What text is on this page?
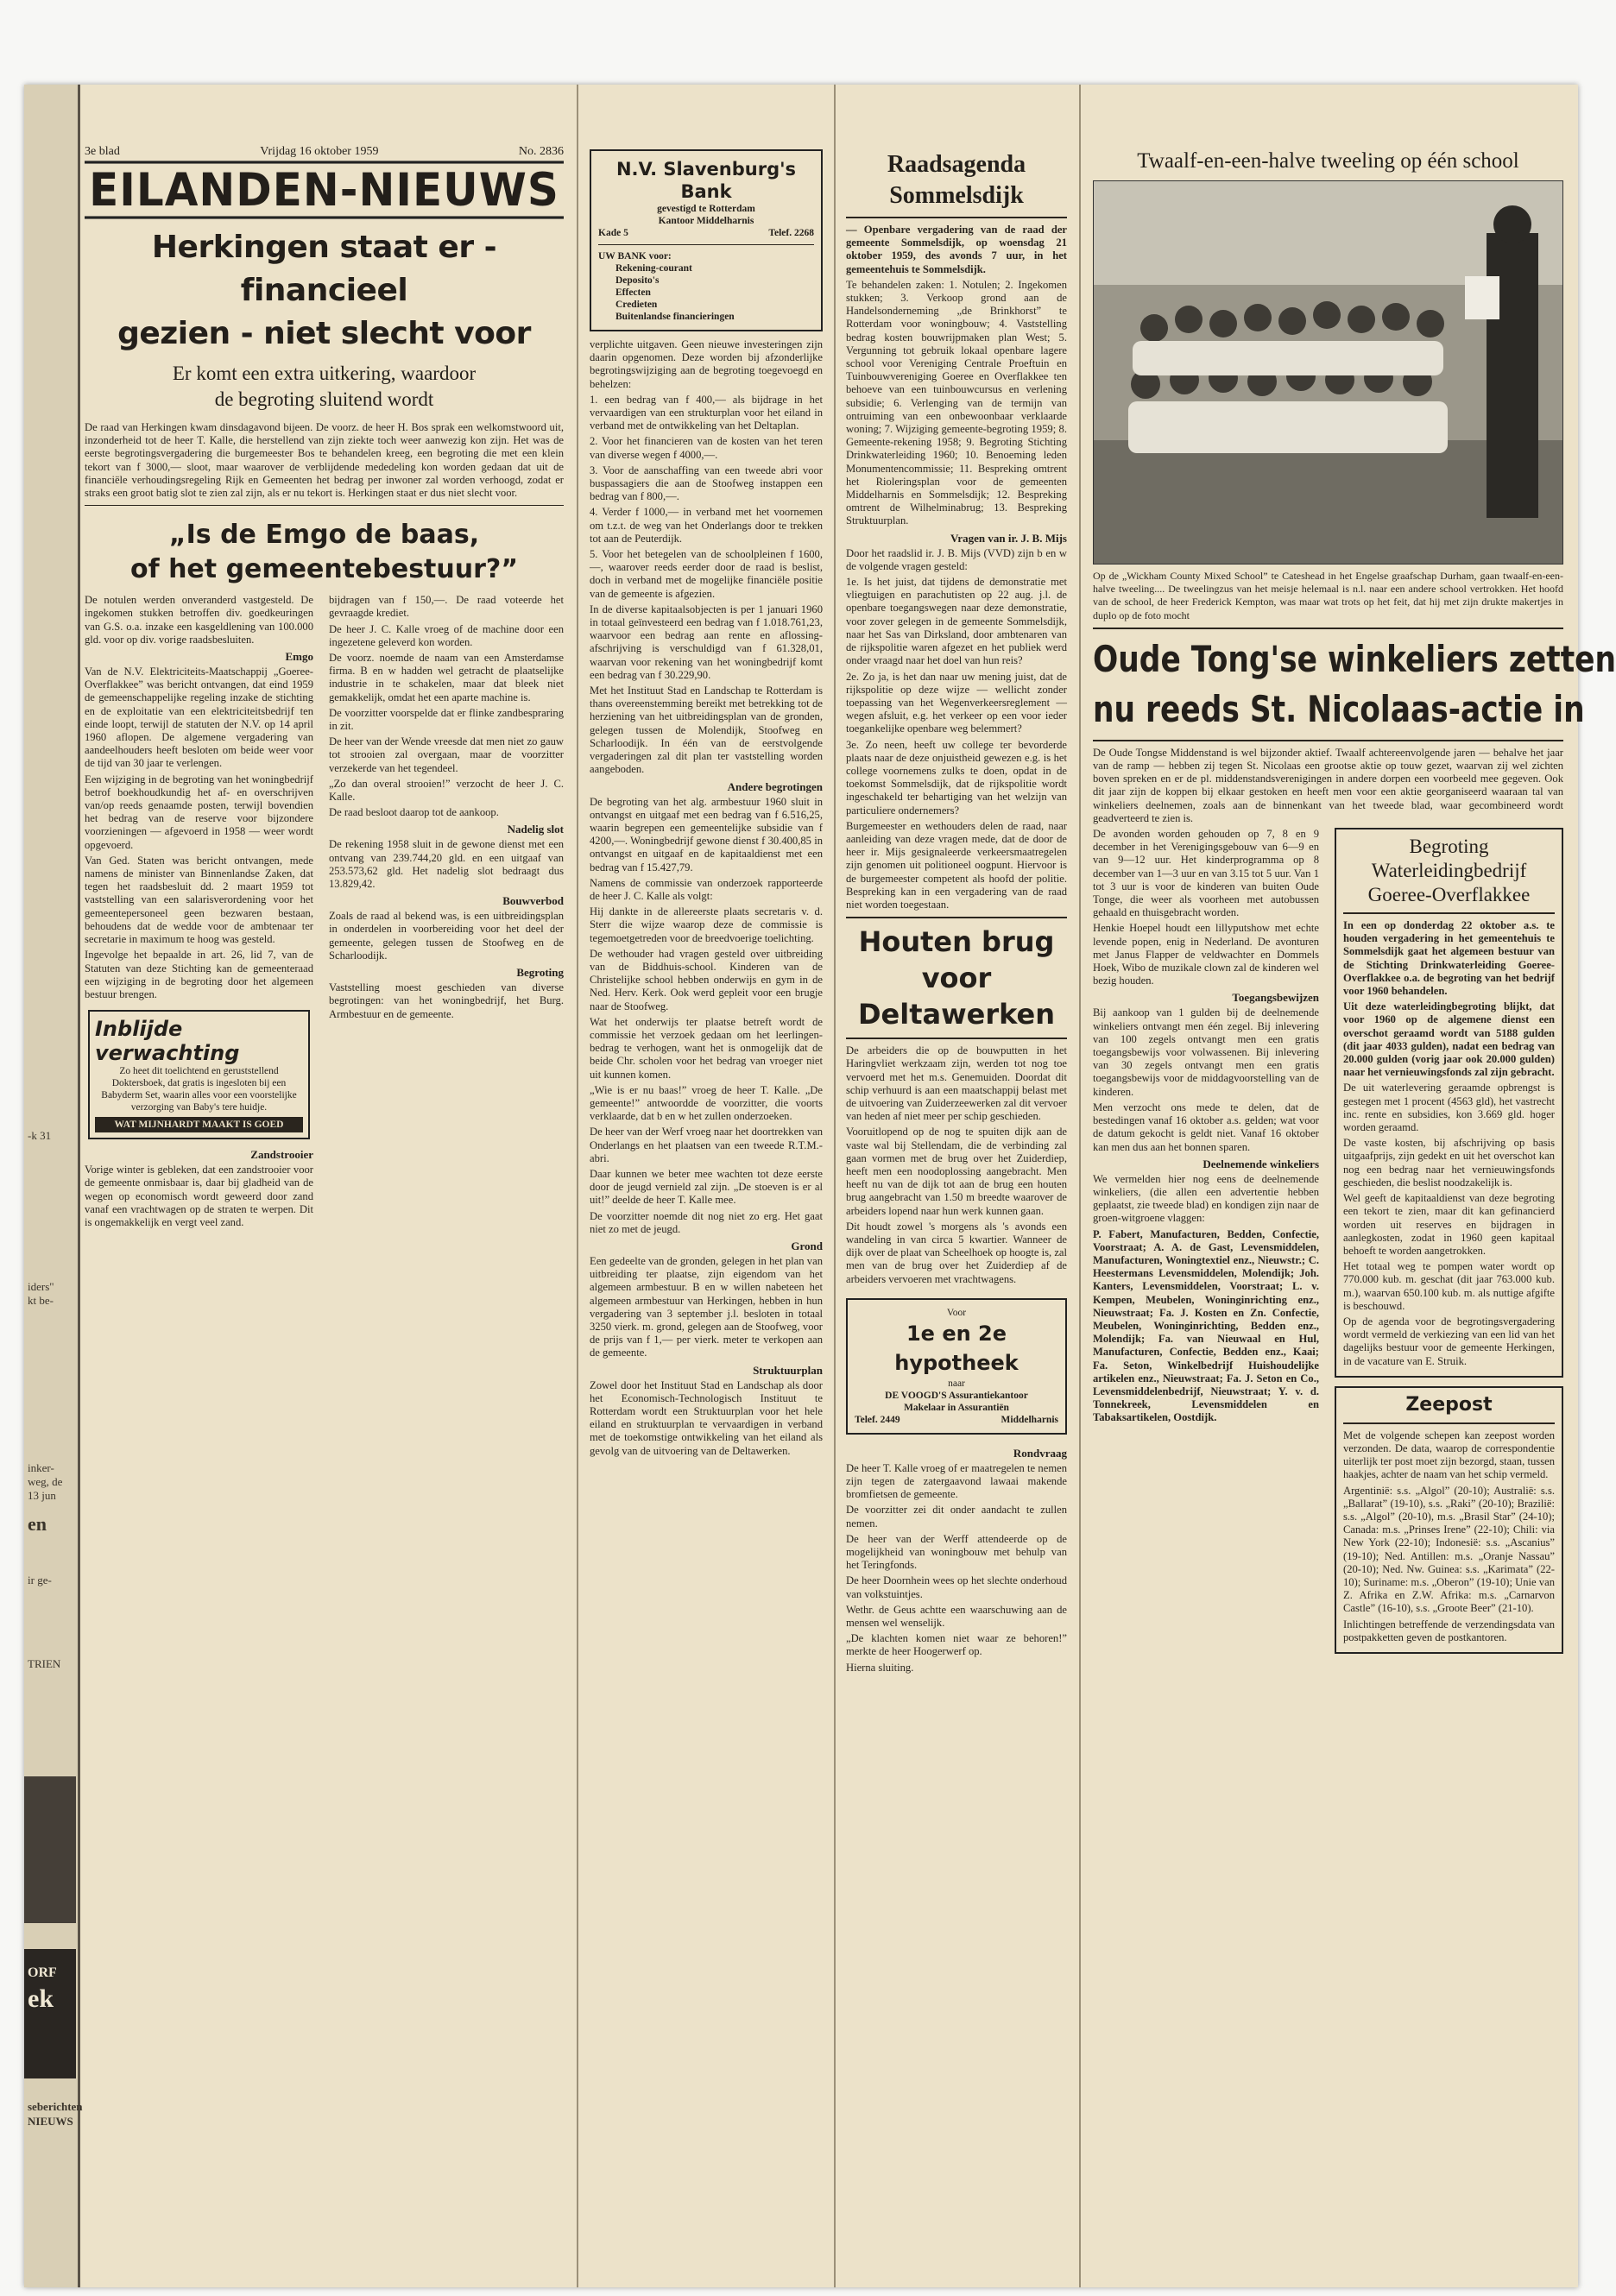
-k 31
iders"
kt be-
inker-
weg, de
13 jun
en
ir ge-
TRIEN
ORF
ek
seberichten
NIEUWS
3e blad	Vrijdag 16 oktober 1959	No. 2836
EILANDEN-NIEUWS
Herkingen staat er - financieel
gezien - niet slecht voor
Er komt een extra uitkering, waardoor
de begroting sluitend wordt

De raad van Herkingen kwam dinsdagavond bijeen. De voorz. de heer H. Bos sprak een welkomstwoord uit, inzonderheid tot de heer T. Kalle, die herstellend van zijn ziekte toch weer aanwezig kon zijn. Het was de eerste begrotingsvergadering die burgemeester Bos te behandelen kreeg, een begroting die met een klein tekort van f 3000,— sloot, maar waarover de verblijdende mededeling kon worden gedaan dat uit de financiële verhoudingsregeling Rijk en Gemeenten het bedrag per inwoner zal worden verhoogd, zodat er straks een groot batig slot te zien zal zijn, als er nu tekort is. Herkingen staat er dus niet slecht voor.

„Is de Emgo de baas,
of het gemeentebestuur?”

De notulen werden onveranderd vastgesteld. De ingekomen stukken betroffen div. goedkeuringen van G.S. o.a. inzake een kasgeldlening van 100.000 gld. voor op div. vorige raadsbesluiten.

Emgo

Van de N.V. Elektriciteits-Maatschappij „Goeree-Overflakkee” was bericht ontvangen, dat eind 1959 de gemeenschappelijke regeling inzake de stichting en de exploitatie van een elektriciteitsbedrijf ten einde loopt, terwijl de statuten der N.V. op 14 april 1960 aflopen. De algemene vergadering van aandeelhouders heeft besloten om beide weer voor de tijd van 30 jaar te verlengen.

Een wijziging in de begroting van het woningbedrijf betrof boekhoudkundig het af- en overschrijven van/op reeds genaamde posten, terwijl bovendien het bedrag van de reserve voor bijzondere voorzieningen — afgevoerd in 1958 — weer wordt opgevoerd.

Van Ged. Staten was bericht ontvangen, mede namens de minister van Binnenlandse Zaken, dat tegen het raadsbesluit dd. 2 maart 1959 tot vaststelling van een salarisverordening voor het gemeentepersoneel geen bezwaren bestaan, behoudens dat de wedde voor de ambtenaar ter secretarie in maximum te hoog was gesteld.

Ingevolge het bepaalde in art. 26, lid 7, van de Statuten van deze Stichting kan de gemeenteraad een wijziging in de begroting door het algemeen bestuur brengen.

Inblijde verwachting
Zo heet dit toelichtend en geruststellend Doktersboek, dat gratis is ingesloten bij een Babyderm Set, waarin alles voor een voorstelijke verzorging van Baby's tere huidje.
WAT MIJNHARDT MAAKT IS GOED
Zandstrooier

Vorige winter is gebleken, dat een zandstrooier voor de gemeente onmisbaar is, daar bij gladheid van de wegen op economisch wordt geweerd door zand vanaf een vrachtwagen op de straten te werpen. Dit is ongemakkelijk en vergt veel zand.

bijdragen van f 150,—. De raad voteerde het gevraagde krediet.

De heer J. C. Kalle vroeg of de machine door een ingezetene geleverd kon worden.

De voorz. noemde de naam van een Amsterdamse firma. B en w hadden wel getracht de plaatselijke industrie in te schakelen, maar dat bleek niet gemakkelijk, omdat het een aparte machine is.

De voorzitter voorspelde dat er flinke zandbespraring in zit.

De heer van der Wende vreesde dat men niet zo gauw tot strooien zal overgaan, maar de voorzitter verzekerde van het tegendeel.

„Zo dan overal strooien!” verzocht de heer J. C. Kalle.

De raad besloot daarop tot de aankoop.

Nadelig slot

De rekening 1958 sluit in de gewone dienst met een ontvang van 239.744,20 gld. en een uitgaaf van 253.573,62 gld. Het nadelig slot bedraagt dus 13.829,42.

Bouwverbod

Zoals de raad al bekend was, is een uitbreidingsplan in onderdelen in voorbereiding voor het deel der gemeente, gelegen tussen de Stoofweg en de Scharloodijk.

Begroting

Vaststelling moest geschieden van diverse begrotingen: van het woningbedrijf, het Burg. Armbestuur en de gemeente.

N.V. Slavenburg's
Bank
gevestigd te Rotterdam
Kantoor Middelharnis
Kade 5	Telef. 2268
UW BANK voor:
Rekening-courant
Deposito's
Effecten
Credieten
Buitenlandse financieringen

verplichte uitgaven. Geen nieuwe investeringen zijn daarin opgenomen. Deze worden bij afzonderlijke begrotingswijziging aan de begroting toegevoegd en behelzen:

1. een bedrag van f 400,— als bijdrage in het vervaardigen van een strukturplan voor het eiland in verband met de ontwikkeling van het Deltaplan.

2. Voor het financieren van de kosten van het teren van diverse wegen f 4000,—.

3. Voor de aanschaffing van een tweede abri voor buspassagiers die aan de Stoofweg instappen een bedrag van f 800,—.

4. Verder f 1000,— in verband met het voornemen om t.z.t. de weg van het Onderlangs door te trekken tot aan de Peuterdijk.

5. Voor het betegelen van de schoolpleinen f 1600,—, waarover reeds eerder door de raad is beslist, doch in verband met de mogelijke financiële positie van de gemeente is afgezien.

In de diverse kapitaalsobjecten is per 1 januari 1960 in totaal geïnvesteerd een bedrag van f 1.018.761,23, waarvoor een bedrag aan rente en aflossing-afschrijving is verschuldigd van f 61.328,01, waarvan voor rekening van het woningbedrijf komt een bedrag van f 30.229,90.

Met het Instituut Stad en Landschap te Rotterdam is thans overeenstemming bereikt met betrekking tot de herziening van het uitbreidingsplan van de gronden, gelegen tussen de Molendijk, Stoofweg en Scharloodijk. In één van de eerstvolgende vergaderingen zal dit plan ter vaststelling worden aangeboden.

Andere begrotingen

De begroting van het alg. armbestuur 1960 sluit in ontvangst en uitgaaf met een bedrag van f 6.516,25, waarin begrepen een gemeentelijke subsidie van f 4200,—. Woningbedrijf gewone dienst f 30.400,85 in ontvangst en uitgaaf en de kapitaaldienst met een bedrag van f 15.427,79.

Namens de commissie van onderzoek rapporteerde de heer J. C. Kalle als volgt:

Hij dankte in de allereerste plaats secretaris v. d. Sterr die wijze waarop deze de commissie is tegemoetgetreden voor de breedvoerige toelichting.

De wethouder had vragen gesteld over uitbreiding van de Biddhuis-school. Kinderen van de Christelijke school hebben onderwijs en gym in de Ned. Herv. Kerk. Ook werd gepleit voor een brugje naar de Stoofweg.

Wat het onderwijs ter plaatse betreft wordt de commissie het verzoek gedaan om het leerlingen-bedrag te verhogen, want het is onmogelijk dat de beide Chr. scholen voor het bedrag van vroeger niet uit kunnen komen.

„Wie is er nu baas!” vroeg de heer T. Kalle. „De gemeente!” antwoordde de voorzitter, die voorts verklaarde, dat b en w het zullen onderzoeken.

De heer van der Werf vroeg naar het doortrekken van Onderlangs en het plaatsen van een tweede R.T.M.-abri.

Daar kunnen we beter mee wachten tot deze eerste door de jeugd vernield zal zijn. „De stoeven is er al uit!” deelde de heer T. Kalle mee.

De voorzitter noemde dit nog niet zo erg. Het gaat niet zo met de jeugd.

Grond

Een gedeelte van de gronden, gelegen in het plan van uitbreiding ter plaatse, zijn eigendom van het algemeen armbestuur. B en w willen nabeteen het algemeen armbestuur van Herkingen, hebben in hun vergadering van 3 september j.l. besloten in totaal 3250 vierk. m. grond, gelegen aan de Stoofweg, voor de prijs van f 1,— per vierk. meter te verkopen aan de gemeente.

Struktuurplan

Zowel door het Instituut Stad en Landschap als door het Economisch-Technologisch Instituut te Rotterdam wordt een Struktuurplan voor het hele eiland en struktuurplan te vervaardigen in verband met de toekomstige ontwikkeling van het eiland als gevolg van de uitvoering van de Deltawerken.

Raadsagenda
Sommelsdijk

— Openbare vergadering van de raad der gemeente Sommelsdijk, op woensdag 21 oktober 1959, des avonds 7 uur, in het gemeentehuis te Sommelsdijk.

Te behandelen zaken: 1. Notulen; 2. Ingekomen stukken; 3. Verkoop grond aan de Handelsonderneming „de Brinkhorst” te Rotterdam voor woningbouw; 4. Vaststelling bedrag kosten bouwrijpmaken plan West; 5. Vergunning tot gebruik lokaal openbare lagere school voor Vereniging Centrale Proeftuin en Tuinbouwvereniging Goeree en Overflakkee ten behoeve van een tuinbouwcursus en verlening subsidie; 6. Verlenging van de termijn van ontruiming van een onbewoonbaar verklaarde woning; 7. Wijziging gemeente-begroting 1959; 8. Gemeente-rekening 1958; 9. Begroting Stichting Drinkwaterleiding 1960; 10. Benoeming leden Monumentencommissie; 11. Bespreking omtrent het Rioleringsplan voor de gemeenten Middelharnis en Sommelsdijk; 12. Bespreking omtrent de Wilhelminabrug; 13. Bespreking Struktuurplan.

Vragen van ir. J. B. Mijs

Door het raadslid ir. J. B. Mijs (VVD) zijn b en w de volgende vragen gesteld:

1e. Is het juist, dat tijdens de demonstratie met vliegtuigen en parachutisten op 22 aug. j.l. de openbare toegangswegen naar deze demonstratie, voor zover gelegen in de gemeente Sommelsdijk, naar het Sas van Dirksland, door ambtenaren van de rijkspolitie waren afgezet en het publiek werd onder vraagd naar het doel van hun reis?

2e. Zo ja, is het dan naar uw mening juist, dat de rijkspolitie op deze wijze — wellicht zonder toepassing van het Wegenverkeersreglement — wegen afsluit, e.g. het verkeer op een voor ieder toegankelijke openbare weg belemmert?

3e. Zo neen, heeft uw college ter bevorderde plaats naar de deze onjuistheid gewezen e.g. is het college voornemens zulks te doen, opdat in de toekomst Sommelsdijk, dat de rijkspolitie wordt ingeschakeld ter behartiging van het welzijn van particuliere ondernemers?

Burgemeester en wethouders delen de raad, naar aanleiding van deze vragen mede, dat de door de heer ir. Mijs gesignaleerde verkeersmaatregelen zijn genomen uit politioneel oogpunt. Hiervoor is de burgemeester competent als hoofd der politie. Bespreking kan in een vergadering van de raad niet worden toegestaan.

Houten brug
voor
Deltawerken

De arbeiders die op de bouwputten in het Haringvliet werkzaam zijn, werden tot nog toe vervoerd met het m.s. Genemuiden. Doordat dit schip verhuurd is aan een maatschappij belast met de uitvoering van Zuiderzeewerken zal dit vervoer van heden af niet meer per schip geschieden.

Vooruitlopend op de nog te spuiten dijk aan de vaste wal bij Stellendam, die de verbinding zal gaan vormen met de brug over het Zuiderdiep, heeft men een noodoplossing aangebracht. Men heeft nu van de dijk tot aan de brug een houten brug aangebracht van 1.50 m breedte waarover de arbeiders lopend naar hun werk kunnen gaan.

Dit houdt zowel 's morgens als 's avonds een wandeling in van circa 5 kwartier. Wanneer de dijk over de plaat van Scheelhoek op hoogte is, zal men van de brug over het Zuiderdiep af de arbeiders vervoeren met vrachtwagens.

Voor
1e en 2e hypotheek
naar
DE VOOGD'S Assurantiekantoor
Makelaar in Assurantiën
Telef. 2449	Middelharnis
Rondvraag

De heer T. Kalle vroeg of er maatregelen te nemen zijn tegen de zatergaavond lawaai makende bromfietsen de gemeente.

De voorzitter zei dit onder aandacht te zullen nemen.

De heer van der Werff attendeerde op de mogelijkheid van woningbouw met behulp van het Teringfonds.

De heer Doornhein wees op het slechte onderhoud van volkstuintjes.

Wethr. de Geus achtte een waarschuwing aan de mensen wel wenselijk.

„De klachten komen niet waar ze behoren!” merkte de heer Hoogerwerf op.

Hierna sluiting.

Twaalf-en-een-halve tweeling op één school

Op de „Wickham County Mixed School” te Cateshead in het Engelse graafschap Durham, gaan twaalf-en-een-halve tweeling.... De tweelingzus van het meisje helemaal is n.l. naar een andere school vertrokken. Het hoofd van de school, de heer Frederick Kempton, was maar wat trots op het feit, dat hij met zijn drukte makertjes in duplo op de foto mocht

Oude Tong'se winkeliers zetten
nu reeds St. Nicolaas-actie in

De Oude Tongse Middenstand is wel bijzonder aktief. Twaalf achtereenvolgende jaren — behalve het jaar van de ramp — hebben zij tegen St. Nicolaas een grootse aktie op touw gezet, waarvan zij wel zichten boven spreken en er de pl. middenstandsverenigingen in andere dorpen een voorbeeld mee gegeven. Ook dit jaar zijn de koppen bij elkaar gestoken en heeft men voor een aktie georganiseerd waaraan tal van winkeliers deelnemen, zoals aan de binnenkant van het tweede blad, waar gecombineerd wordt geadverteerd te zien is.

De avonden worden gehouden op 7, 8 en 9 december in het Verenigingsgebouw van 6—9 en van 9—12 uur. Het kinderprogramma op 8 december van 1—3 uur en van 3.15 tot 5 uur. Van 1 tot 3 uur is voor de kinderen van buiten Oude Tonge, die weer als voorheen met autobussen gehaald en thuisgebracht worden.

Henkie Hoepel houdt een lillyputshow met echte levende popen, enig in Nederland. De avonturen met Janus Flapper de veldwachter en Dommels Hoek, Wibo de muzikale clown zal de kinderen wel bezig houden.

Toegangsbewijzen

Bij aankoop van 1 gulden bij de deelnemende winkeliers ontvangt men één zegel. Bij inlevering van 100 zegels ontvangt men een gratis toegangsbewijs voor volwassenen. Bij inlevering van 30 zegels ontvangt men een gratis toegangsbewijs voor de middagvoorstelling van de kinderen.

Men verzocht ons mede te delen, dat de bestedingen vanaf 16 oktober a.s. gelden; wat voor de datum gekocht is geldt niet. Vanaf 16 oktober kan men dus aan het bonnen sparen.

Deelnemende winkeliers

We vermelden hier nog eens de deelnemende winkeliers, (die allen een advertentie hebben geplaatst, zie tweede blad) en kondigen zijn naar de groen-witgroene vlaggen:

P. Fabert, Manufacturen, Bedden, Confectie, Voorstraat; A. A. de Gast, Levensmiddelen, Manufacturen, Woningtextiel enz., Nieuwstr.; C. Heestermans Levensmiddelen, Molendijk; Joh. Kanters, Levensmiddelen, Voorstraat; L. v. Kempen, Meubelen, Woninginrichting enz., Nieuwstraat; Fa. J. Kosten en Zn. Confectie, Meubelen, Woninginrichting, Bedden enz., Molendijk; Fa. van Nieuwaal en Hul, Manufacturen, Confectie, Bedden enz., Kaai; Fa. Seton, Winkelbedrijf Huishoudelijke artikelen enz., Nieuwstraat; Fa. J. Seton en Co., Levensmiddelenbedrijf, Nieuwstraat; Y. v. d. Tonnekreek, Levensmiddelen en Tabaksartikelen, Oostdijk.

Begroting
Waterleidingbedrijf
Goeree-Overflakkee

In een op donderdag 22 oktober a.s. te houden vergadering in het gemeentehuis te Sommelsdijk gaat het algemeen bestuur van de Stichting Drinkwaterleiding Goeree-Overflakkee o.a. de begroting van het bedrijf voor 1960 behandelen.

Uit deze waterleidingbegroting blijkt, dat voor 1960 op de algemene dienst een overschot geraamd wordt van 5188 gulden (dit jaar 4033 gulden), nadat een bedrag van 20.000 gulden (vorig jaar ook 20.000 gulden) naar het vernieuwingsfonds zal zijn gebracht.

De uit waterlevering geraamde opbrengst is gestegen met 1 procent (4563 gld), het vastrecht inc. rente en subsidies, kon 3.669 gld. hoger worden geraamd.

De vaste kosten, bij afschrijving op basis uitgaafprijs, zijn gedekt en uit het overschot kan nog een bedrag naar het vernieuwingsfonds geschieden, die beslist noodzakelijk is.

Wel geeft de kapitaaldienst van deze begroting een tekort te zien, maar dit kan gefinancierd worden uit reserves en bijdragen in aanlegkosten, zodat in 1960 geen kapitaal behoeft te worden aangetrokken.

Het totaal weg te pompen water wordt op 770.000 kub. m. geschat (dit jaar 763.000 kub. m.), waarvan 650.100 kub. m. als nuttige afgifte is beschouwd.

Op de agenda voor de begrotingsvergadering wordt vermeld de verkiezing van een lid van het dagelijks bestuur voor de gemeente Herkingen, in de vacature van E. Struik.

Zeepost

Met de volgende schepen kan zeepost worden verzonden. De data, waarop de correspondentie uiterlijk ter post moet zijn bezorgd, staan, tussen haakjes, achter de naam van het schip vermeld.

Argentinië: s.s. „Algol” (20-10); Australië: s.s. „Ballarat” (19-10), s.s. „Raki” (20-10); Brazilië: s.s. „Algol” (20-10), m.s. „Brasil Star” (24-10); Canada: m.s. „Prinses Irene” (22-10); Chili: via New York (22-10); Indonesië: s.s. „Ascanius” (19-10); Ned. Antillen: m.s. „Oranje Nassau” (20-10); Ned. Nw. Guinea: s.s. „Karimata” (22-10); Suriname: m.s. „Oberon” (19-10); Unie van Z. Afrika en Z.W. Afrika: m.s. „Carnarvon Castle” (16-10), s.s. „Groote Beer” (21-10).

Inlichtingen betreffende de verzendingsdata van postpakketten geven de postkantoren.
